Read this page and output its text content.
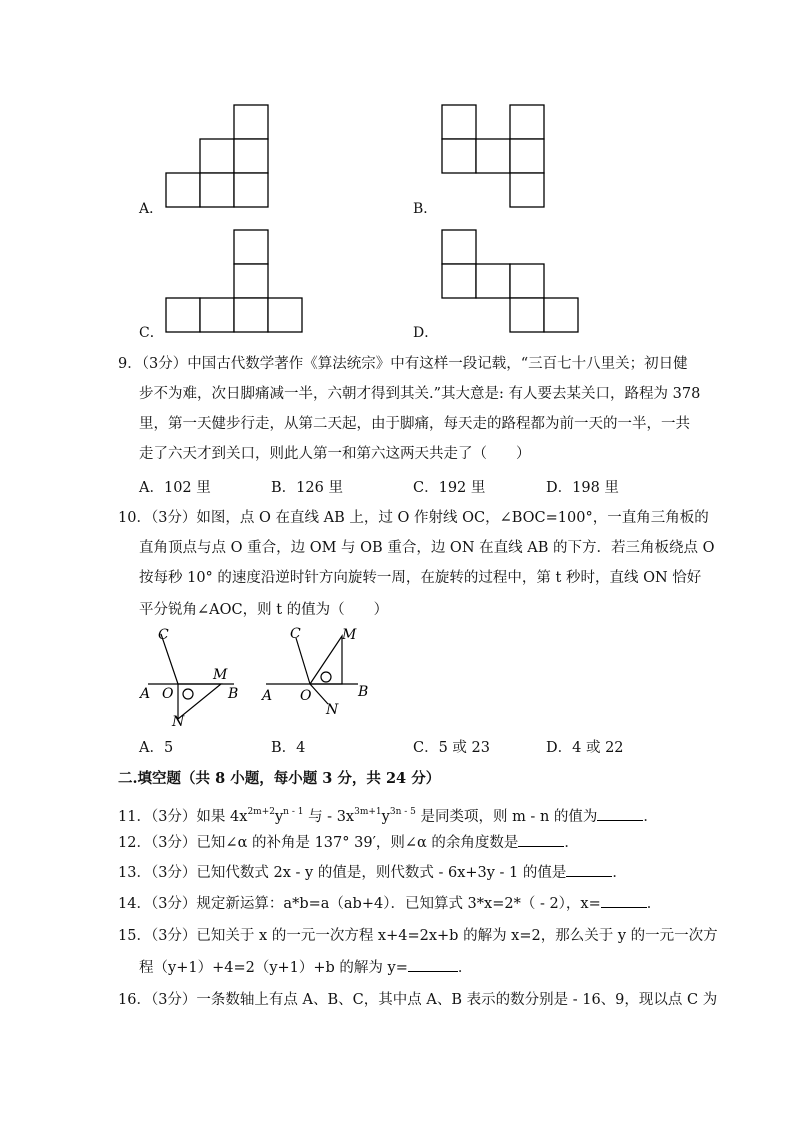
A．	B．
C．	D．
9．（3分）中国古代数学著作《算法统宗》中有这样一段记载，“三百七十八里关；初日健
步不为难，次日脚痛减一半，六朝才得到其关.”其大意是: 有人要去某关口，路程为 378
里，第一天健步行走，从第二天起，由于脚痛，每天走的路程都为前一天的一半，一共
走了六天才到关口，则此人第一和第六这两天共走了（　　）
A．102 里	B．126 里	C．192 里	D．198 里
10．（3分）如图，点 O 在直线 AB 上，过 O 作射线 OC，∠BOC=100°，一直角三角板的
直角顶点与点 O 重合，边 OM 与 OB 重合，边 ON 在直线 AB 的下方．若三角板绕点 O
按每秒 10° 的速度沿逆时针方向旋转一周，在旋转的过程中，第 t 秒时，直线 ON 恰好
平分锐角∠AOC，则 t 的值为（　　）
C
M
A O	B
N
C	M
A O	B
N
A．5	B．4	C．5 或 23	D．4 或 22
二.填空题（共 8 小题，每小题 3 分，共 24 分）
11．（3分）如果 $4x^{2m+2}y^{n - 1}$ 与 - $3x^{3m+1}y^{3n - 5}$ 是同类项，则 m - n 的值为	．
12．（3分）已知∠α 的补角是 137° 39′，则∠α 的余角度数是	．
13．（3分）已知代数式 2x - y 的值是，则代数式 - 6x+3y - 1 的值是	．
14．（3分）规定新运算：a*b=a（ab+4）．已知算式 3*x=2*（ - 2），x=	．
15．（3分）已知关于 x 的一元一次方程 x+4=2x+b 的解为 x=2，那么关于 y 的一元一次方
程（y+1）+4=2（y+1）+b 的解为 y=	．
16．（3分）一条数轴上有点 A、B、C，其中点 A、B 表示的数分别是 - 16、9，现以点 C 为
